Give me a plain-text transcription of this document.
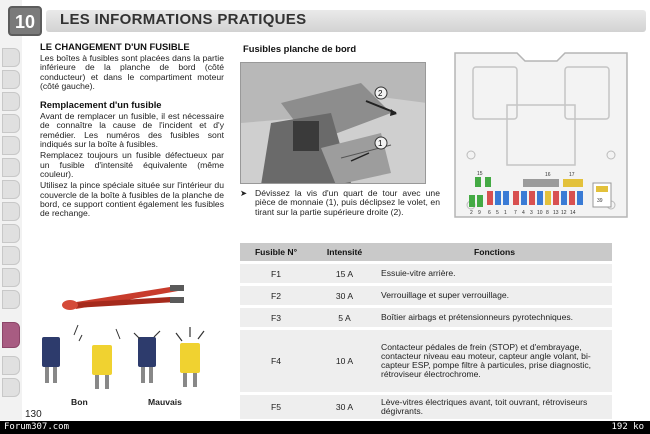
10	LES INFORMATIONS PRATIQUES
LE CHANGEMENT D'UN FUSIBLE
Les boîtes à fusibles sont placées dans la partie inférieure de la planche de bord (côté conducteur) et dans le compartiment moteur (côté gauche).
Remplacement d'un fusible
Avant de remplacer un fusible, il est nécessaire de connaître la cause de l'incident et d'y remédier. Les numéros des fusibles sont indiqués sur la boîte à fusibles.
Remplacez toujours un fusible défectueux par un fusible d'intensité équivalente (même couleur).
Utilisez la pince spéciale située sur l'intérieur du couvercle de la boîte à fusibles de la planche de bord, ce support contient également les fusibles de rechange.
Bon	Mauvais
Fusibles planche de bord
2
1
➤ Dévissez la vis d'un quart de tour avec une pièce de monnaie (1), puis déclipsez le volet, en tirant sur la partie supérieure droite (2).
15	16	17
39
2 9 6 5 1 7 4 3 10 8 13 12 14
Fusible N°	Intensité	Fonctions
F1	15 A	Essuie-vitre arrière.
F2	30 A	Verrouillage et super verrouillage.
F3	5 A	Boîtier airbags et prétensionneurs pyrotechniques.
F4	10 A	Contacteur pédales de frein (STOP) et d'embrayage, contacteur niveau eau moteur, capteur angle volant, bi-capteur ESP, pompe filtre à particules, prise diagnostic, rétroviseur électrochrome.
F5	30 A	Lève-vitres électriques avant, toit ouvrant, rétroviseurs dégivrants.
130
Forum307.com	192 ko
